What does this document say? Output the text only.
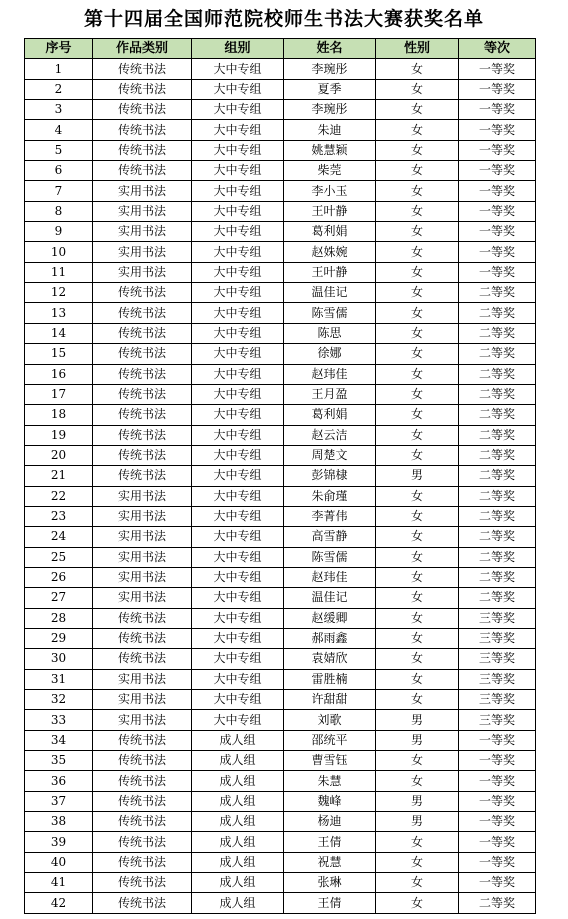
第十四届全国师范院校师生书法大赛获奖名单
序号	作品类别	组别	姓名	性别	等次
1	传统书法	大中专组	李琬彤	女	一等奖
2	传统书法	大中专组	夏季	女	一等奖
3	传统书法	大中专组	李琬彤	女	一等奖
4	传统书法	大中专组	朱迪	女	一等奖
5	传统书法	大中专组	姚慧颖	女	一等奖
6	传统书法	大中专组	柴莞	女	一等奖
7	实用书法	大中专组	李小玉	女	一等奖
8	实用书法	大中专组	王叶静	女	一等奖
9	实用书法	大中专组	葛利娟	女	一等奖
10	实用书法	大中专组	赵姝婉	女	一等奖
11	实用书法	大中专组	王叶静	女	一等奖
12	传统书法	大中专组	温佳记	女	二等奖
13	传统书法	大中专组	陈雪儒	女	二等奖
14	传统书法	大中专组	陈思	女	二等奖
15	传统书法	大中专组	徐娜	女	二等奖
16	传统书法	大中专组	赵玮佳	女	二等奖
17	传统书法	大中专组	王月盈	女	二等奖
18	传统书法	大中专组	葛利娟	女	二等奖
19	传统书法	大中专组	赵云洁	女	二等奖
20	传统书法	大中专组	周楚文	女	二等奖
21	传统书法	大中专组	彭锦棣	男	二等奖
22	实用书法	大中专组	朱俞瑾	女	二等奖
23	实用书法	大中专组	李菁伟	女	二等奖
24	实用书法	大中专组	高雪静	女	二等奖
25	实用书法	大中专组	陈雪儒	女	二等奖
26	实用书法	大中专组	赵玮佳	女	二等奖
27	实用书法	大中专组	温佳记	女	二等奖
28	传统书法	大中专组	赵缓卿	女	三等奖
29	传统书法	大中专组	郝雨鑫	女	三等奖
30	传统书法	大中专组	袁婧欣	女	三等奖
31	实用书法	大中专组	雷胜楠	女	三等奖
32	实用书法	大中专组	许甜甜	女	三等奖
33	实用书法	大中专组	刘歌	男	三等奖
34	传统书法	成人组	邵统平	男	一等奖
35	传统书法	成人组	曹雪钰	女	一等奖
36	传统书法	成人组	朱慧	女	一等奖
37	传统书法	成人组	魏峰	男	一等奖
38	传统书法	成人组	杨迪	男	一等奖
39	传统书法	成人组	王倩	女	一等奖
40	传统书法	成人组	祝慧	女	一等奖
41	传统书法	成人组	张琳	女	一等奖
42	传统书法	成人组	王倩	女	二等奖
